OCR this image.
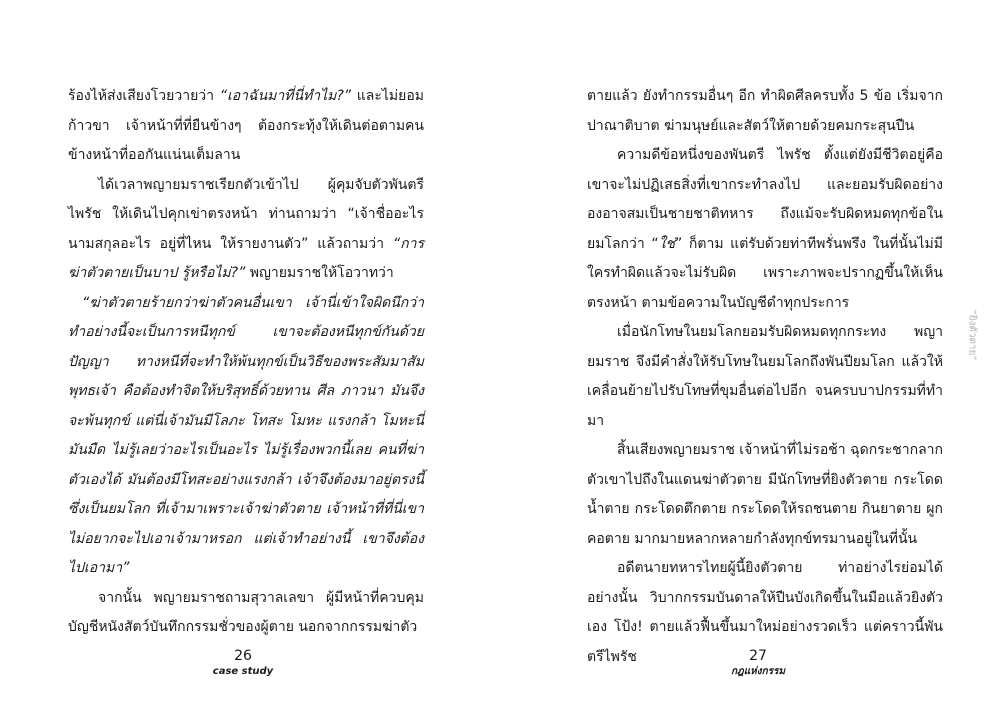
ร้องไห้ส่งเสียงโวยวายว่า “เอาฉันมาที่นี่ทำไม?” และไม่ยอมก้าวขา เจ้าหน้าที่ที่ยืนข้างๆ ต้องกระทุ้งให้เดินต่อตามคนข้างหน้าที่ออกันแน่นเต็มลาน

ได้เวลาพญายมราชเรียกตัวเข้าไป ผู้คุมจับตัวพันตรีไพรัช ให้เดินไปคุกเข่าตรงหน้า ท่านถามว่า “เจ้าชื่ออะไร นามสกุลอะไร อยู่ที่ไหน ให้รายงานตัว” แล้วถามว่า “การฆ่าตัวตายเป็นบาป รู้หรือไม่?” พญายมราชให้โอวาทว่า

“ฆ่าตัวตายร้ายกว่าฆ่าตัวคนอื่นเขา เจ้านี่เข้าใจผิดนึกว่า ทำอย่างนี้จะเป็นการหนีทุกข์ เขาจะต้องหนีทุกข์กันด้วยปัญญา ทางหนีที่จะทำให้พ้นทุกข์เป็นวิธีของพระสัมมาสัมพุทธเจ้า คือต้องทำจิตให้บริสุทธิ์ด้วยทาน ศีล ภาวนา มันจึงจะพ้นทุกข์ แต่นี่เจ้ามันมีโลภะ โทสะ โมหะ แรงกล้า โมหะนี่มันมืด ไม่รู้เลยว่าอะไรเป็นอะไร ไม่รู้เรื่องพวกนี้เลย คนที่ฆ่าตัวเองได้ มันต้องมีโทสะอย่างแรงกล้า เจ้าจึงต้องมาอยู่ตรงนี้ซึ่งเป็นยมโลก ที่เจ้ามาเพราะเจ้าฆ่าตัวตาย เจ้าหน้าที่ที่นี่เขาไม่อยากจะไปเอาเจ้ามาหรอก แต่เจ้าทำอย่างนี้ เขาจึงต้องไปเอามา”

จากนั้น พญายมราชถามสุวาลเลขา ผู้มีหน้าที่ควบคุมบัญชีหนังสัตว์บันทึกกรรมชั่วของผู้ตาย นอกจากกรรมฆ่าตัว

26
case study

ตายแล้ว ยังทำกรรมอื่นๆ อีก ทำผิดศีลครบทั้ง 5 ข้อ เริ่มจากปาณาติบาต ฆ่ามนุษย์และสัตว์ให้ตายด้วยคมกระสุนปืน

ความดีข้อหนึ่งของพันตรี ไพรัช ตั้งแต่ยังมีชีวิตอยู่คือเขาจะไม่ปฏิเสธสิ่งที่เขากระทำลงไป และยอมรับผิดอย่างองอาจสมเป็นชายชาติทหาร ถึงแม้จะรับผิดหมดทุกข้อในยมโลกว่า “ใช่” ก็ตาม แต่รับด้วยท่าทีพรั่นพรึง ในที่นั้นไม่มีใครทำผิดแล้วจะไม่รับผิด เพราะภาพจะปรากฏขึ้นให้เห็นตรงหน้า ตามข้อความในบัญชีดำทุกประการ

เมื่อนักโทษในยมโลกยอมรับผิดหมดทุกกระทง พญายมราช จึงมีคำสั่งให้รับโทษในยมโลกถึงพันปียมโลก แล้วให้เคลื่อนย้ายไปรับโทษที่ขุมอื่นต่อไปอีก จนครบบาปกรรมที่ทำมา

สิ้นเสียงพญายมราช เจ้าหน้าที่ไม่รอช้า ฉุดกระชากลากตัวเขาไปถึงในแดนฆ่าตัวตาย มีนักโทษที่ยิงตัวตาย กระโดดน้ำตาย กระโดดตึกตาย กระโดดให้รถชนตาย กินยาตาย ผูกคอตาย มากมายหลากหลายกำลังทุกข์ทรมานอยู่ในที่นั้น

อดีตนายทหารไทยผู้นี้ยิงตัวตาย ท่าอย่างไรย่อมได้อย่างนั้น วิบากกรรมบันดาลให้ปืนบังเกิดขึ้นในมือแล้วยิงตัวเอง โป้ง! ตายแล้วฟื้นขึ้นมาใหม่อย่างรวดเร็ว แต่คราวนี้พันตรีไพรัช	27
กฎแห่งกรรม
“ยิงตัวตาย”
